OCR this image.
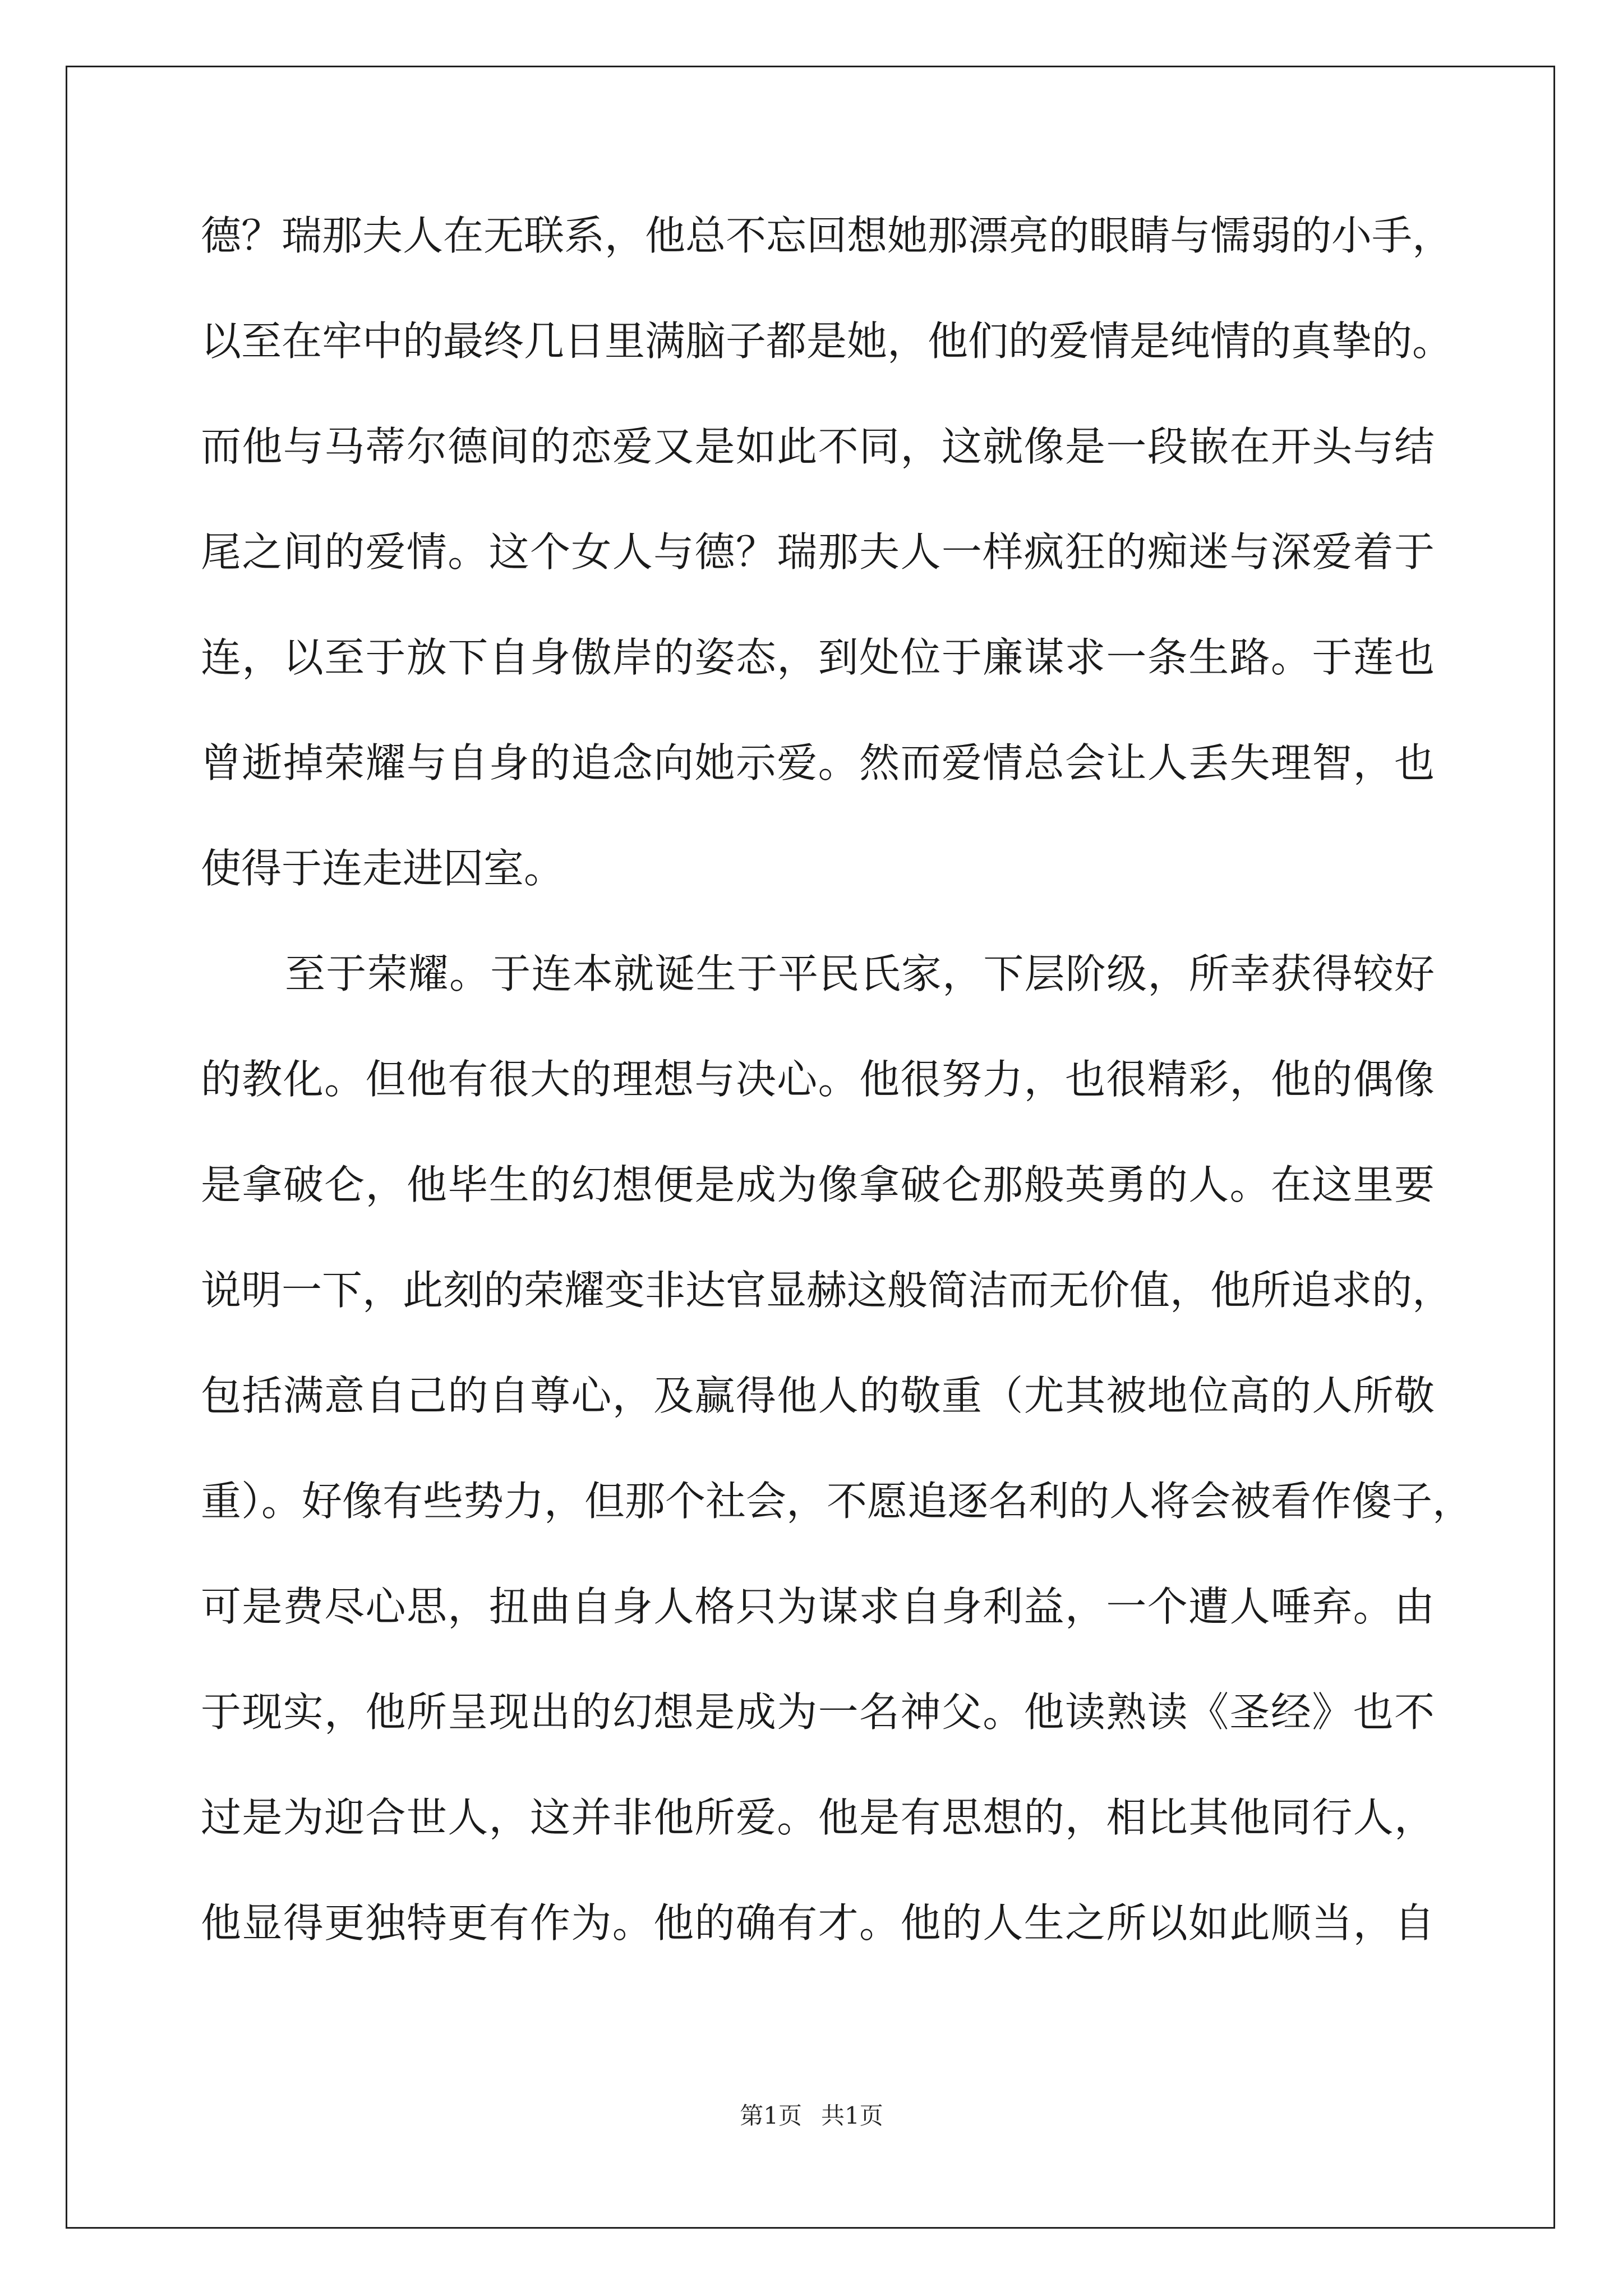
德？瑞那夫人在无联系，他总不忘回想她那漂亮的眼睛与懦弱的小手，
以至在牢中的最终几日里满脑子都是她，他们的爱情是纯情的真挚的。
而他与马蒂尔德间的恋爱又是如此不同，这就像是一段嵌在开头与结
尾之间的爱情。这个女人与德？瑞那夫人一样疯狂的痴迷与深爱着于
连，以至于放下自身傲岸的姿态，到处位于廉谋求一条生路。于莲也
曾逝掉荣耀与自身的追念向她示爱。然而爱情总会让人丢失理智，也
使得于连走进囚室。
至于荣耀。于连本就诞生于平民氏家，下层阶级，所幸获得较好
的教化。但他有很大的理想与决心。他很努力，也很精彩，他的偶像
是拿破仑，他毕生的幻想便是成为像拿破仑那般英勇的人。在这里要
说明一下，此刻的荣耀变非达官显赫这般简洁而无价值，他所追求的，
包括满意自己的自尊心，及赢得他人的敬重（尤其被地位高的人所敬
重）。好像有些势力，但那个社会，不愿追逐名利的人将会被看作傻子，
可是费尽心思，扭曲自身人格只为谋求自身利益，一个遭人唾弃。由
于现实，他所呈现出的幻想是成为一名神父。他读熟读《圣经》也不
过是为迎合世人，这并非他所爱。他是有思想的，相比其他同行人，
他显得更独特更有作为。他的确有才。他的人生之所以如此顺当，自
第1页 共1页
